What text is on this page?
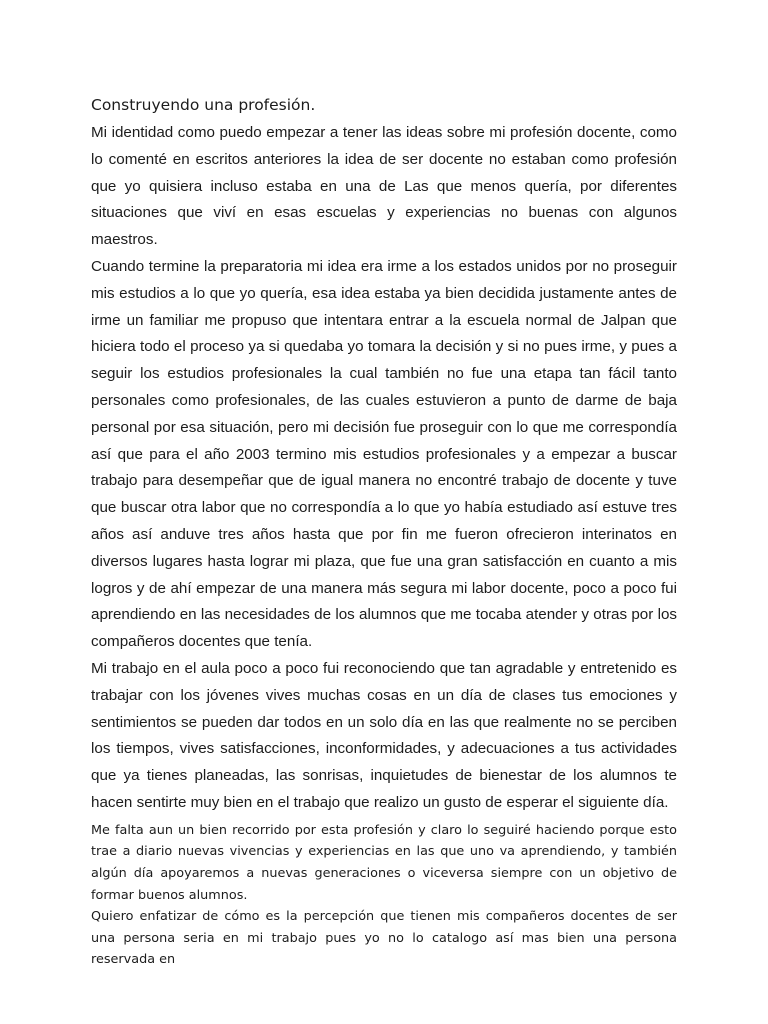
Construyendo una profesión.

Mi identidad como puedo empezar a tener las ideas sobre mi profesión docente, como lo comenté en escritos anteriores la idea de ser docente no estaban como profesión que yo quisiera incluso estaba en una de Las que menos quería, por diferentes situaciones que viví en esas escuelas y experiencias no buenas con algunos maestros.

Cuando termine la preparatoria mi idea era irme a los estados unidos por no proseguir mis estudios a lo que yo quería, esa idea estaba ya bien decidida justamente antes de irme un familiar me propuso que intentara entrar a la escuela normal de Jalpan que hiciera todo el proceso ya si quedaba yo tomara la decisión y si no pues irme, y pues a seguir los estudios profesionales la cual también no fue una etapa tan fácil tanto personales como profesionales, de las cuales estuvieron a punto de darme de baja personal por esa situación, pero mi decisión fue proseguir con lo que me correspondía así que para el año 2003 termino mis estudios profesionales y a empezar a buscar trabajo para desempeñar que de igual manera no encontré trabajo de docente y tuve que buscar otra labor que no correspondía a lo que yo había estudiado así estuve tres años así anduve tres años hasta que por fin me fueron ofrecieron interinatos en diversos lugares hasta lograr mi plaza, que fue una gran satisfacción en cuanto a mis logros y de ahí empezar de una manera más segura mi labor docente, poco a poco fui aprendiendo en las necesidades de los alumnos que me tocaba atender y otras por los compañeros docentes que tenía.

Mi trabajo en el aula poco a poco fui reconociendo que tan agradable y entretenido es trabajar con los jóvenes vives muchas cosas en un día de clases tus emociones y sentimientos se pueden dar todos en un solo día en las que realmente no se perciben los tiempos, vives satisfacciones, inconformidades, y adecuaciones a tus actividades que ya tienes planeadas, las sonrisas, inquietudes de bienestar de los alumnos te hacen sentirte muy bien en el trabajo que realizo un gusto de esperar el siguiente día.

Me falta aun un bien recorrido por esta profesión y claro lo seguiré haciendo porque esto trae a diario nuevas vivencias y experiencias en las que uno va aprendiendo, y también algún día apoyaremos a nuevas generaciones o viceversa siempre con un objetivo de formar buenos alumnos.

Quiero enfatizar de cómo es la percepción que tienen mis compañeros docentes de ser una persona seria en mi trabajo pues yo no lo catalogo así mas bien una persona reservada en
